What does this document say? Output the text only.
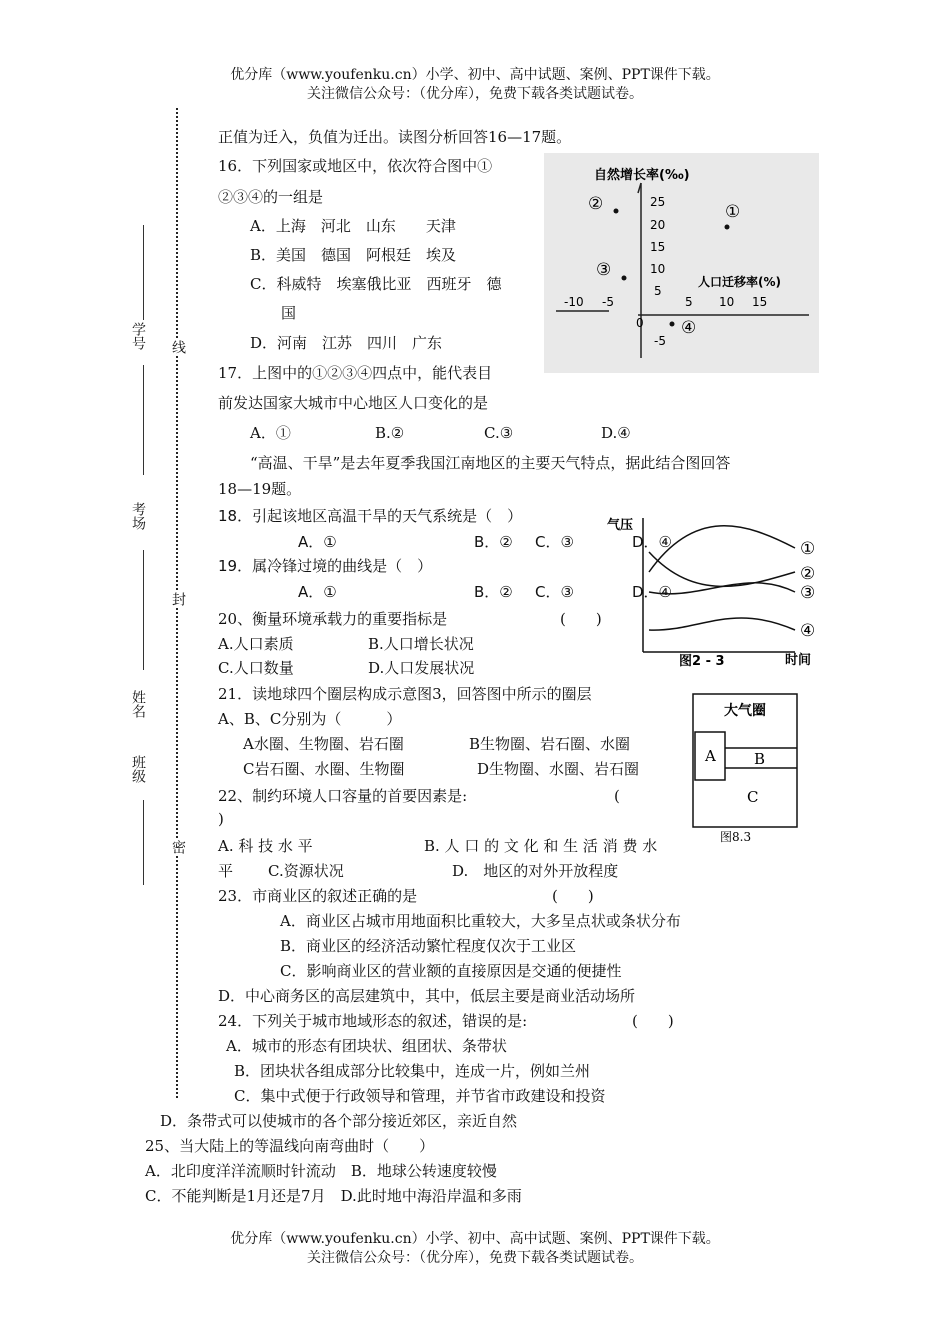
优分库（www.youfenku.cn）小学、初中、高中试题、案例、PPT课件下载。
关注微信公众号：（优分库），免费下载各类试题试卷。
学号
考场
姓名
班级
线
封
密
正值为迁入，负值为迁出。读图分析回答16—17题。
16．下列国家或地区中，依次符合图中①
②③④的一组是
A．上海　河北　山东　　天津
B．美国　德国　阿根廷　埃及
C．科威特　埃塞俄比亚　西班牙　德
国
D．河南　江苏　四川　广东
17．上图中的①②③④四点中，能代表目
前发达国家大城市中心地区人口变化的是
A．①	B.②	C.③	D.④
自然增长率(‰)
人口迁移率(%)
25
20
15
10
5
-5
-10 -5	5 10 15
0
①
②
③
④
“高温、干旱”是去年夏季我国江南地区的主要天气特点，据此结合图回答
18—19题。
18．引起该地区高温干旱的天气系统是（　）
A．①	B．② C．③	D．④
19．属冷锋过境的曲线是（　）
A．①	B．② C．③	D．④
气压
①
②
③
④
图2 - 3	时间
20、衡量环境承载力的重要指标是	(　　)
A.人口素质	B.人口增长状况
C.人口数量	D.人口发展状况
21．读地球四个圈层构成示意图3，回答图中所示的圈层
A、B、C分别为（　　　）
A水圈、生物圈、岩石圈	B生物圈、岩石圈、水圈
C岩石圈、水圈、生物圈	D生物圈、水圈、岩石圈
大气圈
A	B
C
图8.3
22、制约环境人口容量的首要因素是:	(
)
A. 科 技 水 平	B. 人 口 的 文 化 和 生 活 消 费 水
平 C.资源状况	D.　地区的对外开放程度
23．市商业区的叙述正确的是	(　　)
A．商业区占城市用地面积比重较大，大多呈点状或条状分布
B．商业区的经济活动繁忙程度仅次于工业区
C．影响商业区的营业额的直接原因是交通的便捷性
D．中心商务区的高层建筑中，其中，低层主要是商业活动场所
24．下列关于城市地域形态的叙述，错误的是:	(　　)
A．城市的形态有团块状、组团状、条带状
B．团块状各组成部分比较集中，连成一片，例如兰州
C．集中式便于行政领导和管理，并节省市政建设和投资
D．条带式可以使城市的各个部分接近郊区，亲近自然
25、当大陆上的等温线向南弯曲时（　　）
A．北印度洋洋流顺时针流动　B．地球公转速度较慢
C．不能判断是1月还是7月　D.此时地中海沿岸温和多雨
优分库（www.youfenku.cn）小学、初中、高中试题、案例、PPT课件下载。
关注微信公众号：（优分库），免费下载各类试题试卷。
